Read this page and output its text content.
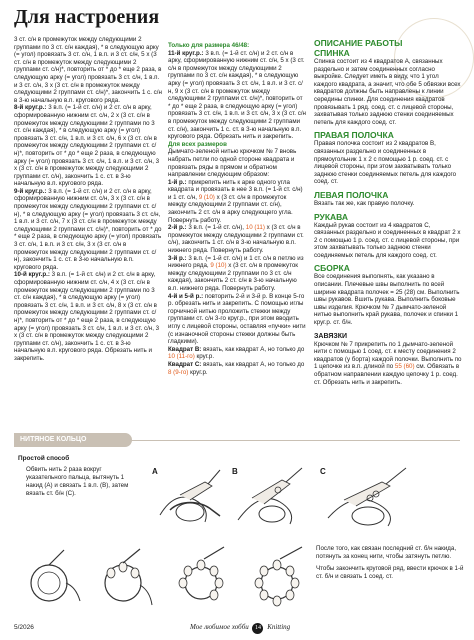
Для настроения

3 ст. с/н в промежуток между следующими 2 группами по 3 ст. с/н каждая), * в следующую арку (= угол) провязать 3 ст. с/н, 1 в.п. и 3 ст. с/н, 5 х (3 ст. с/н в промежуток между следующими 2 группами ст. с/н)*, повторить от * до * еще 2 раза, в следующую арку (= угол) провязать 3 ст. с/н, 1 в.п. и 3 ст. с/н, 3 х (3 ст. с/н в промежуток между следующими 2 группами ст. с/н)*, закончить 1 с. с/н в 3-ю начальную в.п. кругового ряда.

8-й круг.р.: 3 в.п. (= 1-й ст. с/н) и 2 ст. с/н в арку, сформированную нижним ст. с/н, 2 х (3 ст. с/н в промежуток между следующими 2 группами по 3 ст. с/н каждая), * в следующую арку (= угол) провязать 3 ст. с/н, 1 в.п. и 3 ст. с/н, 6 х (3 ст. с/н в промежуток между следующими 2 группами ст. с/н)*, повторить от * до * еще 2 раза, в следующую арку (= угол) провязать 3 ст. с/н, 1 в.п. и 3 ст. с/н, 3 х (3 ст. с/н в промежуток между следующими 2 группами ст. с/н), закончить 1 с. ст. в 3-ю начальную в.п. кругового ряда.

9-й круг.р.: 3 в.п. (= 1-й ст. с/н) и 2 ст. с/н в арку, сформированную нижним ст. с/н, 3 х (3 ст. с/н в промежуток между следующими 2 группами ст. с/н), * в следующую арку (= угол) провязать 3 ст. с/н, 1 в.п. и 3 ст. с/н, 7 х (3 ст. с/н в промежуток между следующими 2 группами ст. с/н)*, повторить от * до * еще 2 раза, в следующую арку (= угол) провязать 3 ст. с/н, 1 в.п. и 3 ст. с/н, 3 х (3 ст. с/н в промежуток между следующими 2 группами ст. с/н), закончить 1 с. ст. в 3-ю начальную в.п. кругового ряда.

10-й круг.р.: 3 в.п. (= 1-й ст. с/н) и 2 ст. с/н в арку, сформированную нижним ст. с/н, 4 х (3 ст. с/н в промежуток между следующими 2 группами по 3 ст. с/н каждая), * в следующую арку (= угол) провязать 3 ст. с/н, 1 в.п. и 3 ст. с/н, 8 х (3 ст. с/н в промежуток между следующими 2 группами ст. с/н)*, повторить от * до * еще 2 раза, в следующую арку (= угол) провязать 3 ст. с/н, 1 в.п. и 3 ст. с/н, 3 х (3 ст. с/н в промежуток между следующими 2 группами ст. с/н), закончить 1 с. ст. в 3-ю начальную в.п. кругового ряда. Обрезать нить и закрепить.

Только для размера 46/48:

11-й круг.р.: 3 в.п. (= 1-й ст. с/н) и 2 ст. с/н в арку, сформированную нижним ст. с/н, 5 х (3 ст. с/н в промежуток между следующими 2 группами по 3 ст. с/н каждая), * в следующую арку (= угол) провязать 3 ст. с/н, 1 в.п. и 3 ст. с/н, 9 х (3 ст. с/н в промежуток между следующими 2 группами ст. с/н)*, повторить от * до * еще 2 раза, в следующую арку (= угол) провязать 3 ст. с/н, 1 в.п. и 3 ст. с/н, 3 х (3 ст. с/н в промежуток между следующими 2 группами ст. с/н), закончить 1 с. ст. в 3-ю начальную в.п. кругового ряда. Обрезать нить и закрепить.

Для всех размеров

Дымчато-зеленой нитью крючком № 7 вновь набрать петли по одной стороне квадрата и провязать ряды в прямом и обратном направлении следующим образом:

1-й р.: прикрепить нить к арке одного угла квадрата и провязать в нее 3 в.п. (= 1-й ст. с/н) и 1 ст. с/н, 9 (10) х (3 ст. с/н в промежуток между следующими 2 группами ст. с/н), закончить 2 ст. с/н в арку следующего угла. Повернуть работу.

2-й р.: 3 в.п. (= 1-й ст. с/н), 10 (11) х (3 ст. с/н в промежуток между следующими 2 группами ст. с/н), закончить 1 ст. с/н в 3-ю начальную в.п. нижнего ряда. Повернуть работу.

3-й р.: 3 в.п. (= 1-й ст. с/н) и 1 ст. с/н в петлю из нижнего ряда, 9 (10) х (3 ст. с/н в промежуток между следующими 2 группами по 3 ст. с/н каждая), закончить 2 ст. с/н в 3-ю начальную в.п. нижнего ряда. Повернуть работу.

4-й и 5-й р.: повторить 2-й и 3-й р. В конце 5-го р. обрезать нить и закрепить. С помощью иглы горчичной нитью проложить стежки между группами ст. с/н 3-го круг.р., при этом вводить иглу с лицевой стороны, оставляя «пучки» нити (с изнаночной стороны стежки должны быть гладкими).

Квадрат В: вязать, как квадрат А, но только до 10 (11-го) круг.р.

Квадрат С: вязать, как квадрат А, но только до 8 (9-го) круг.р.

ОПИСАНИЕ РАБОТЫ
СПИНКА

Спинка состоит из 4 квадратов А, связанных раздельно и затем соединенных согласно выкройке. Следует иметь в виду, что 1 угол каждого квадрата, а значит, что обе 5 обвязки всех квадратов должны быть направлены к линии середины спинки. Для соединения квадратов провязывать 1 ряд. соед. ст. с лицевой стороны, захватывая только заднюю стенки соединяемых петель для каждого соед. ст.

ПРАВАЯ ПОЛОЧКА

Правая полочка состоит из 2 квадратов В, связанных раздельно и соединенных в прямоугольник 1 х 2 с помощью 1 р. соед. ст. с лицевой стороны, при этом захватывать только заднюю стенки соединяемых петель для каждого соед. ст.

ЛЕВАЯ ПОЛОЧКА

Вязать так же, как правую полочку.

РУКАВА

Каждый рукав состоит из 4 квадратов С, связанных раздельно и соединенных в квадрат 2 х 2 с помощью 1 р. соед. ст. с лицевой стороны, при этом захватывать только заднюю стенки соединяемых петель для каждого соед. ст.

СБОРКА

Все соединения выполнять, как указано в описании. Плечевые швы выполнить по всей ширине квадрата полочек = 25 (28) см. Выполнить швы рукавов. Вшить рукава. Выполнить боковые швы изделия. Крючком № 7 дымчато-зеленой нитью выполнить край рукава, полочек и спинки 1 круг.р. ст. б/н.

ЗАВЯЗКИ

Крючком № 7 прикрепить по 1 дымчато-зеленой нити с помощью 1 соед. ст. к месту соединения 2 квадратов (у борта) каждой полочки. Выполнить по 1 цепочке из в.п. длиной по 55 (60) см. Обвязать в обратном направлении каждую цепочку 1 р. соед. ст. Обрезать нить и закрепить.

НИТЯНОЕ КОЛЬЦО
Простой способ
Обвить нить 2 раза вокруг указательного пальца, вытянуть 1 накид (А) и связать 1 в.п. (В), затем вязать ст. б/н (С).
A	B	C

После того, как связан последний ст. б/н накида, потянуть за конец нити, чтобы затянуть петлю.

Чтобы закончить круговой ряд, ввести крючок в 1-й ст. б/н и связать 1 соед. ст.

5/2026	Мое любимое хобби 14 Knitting
